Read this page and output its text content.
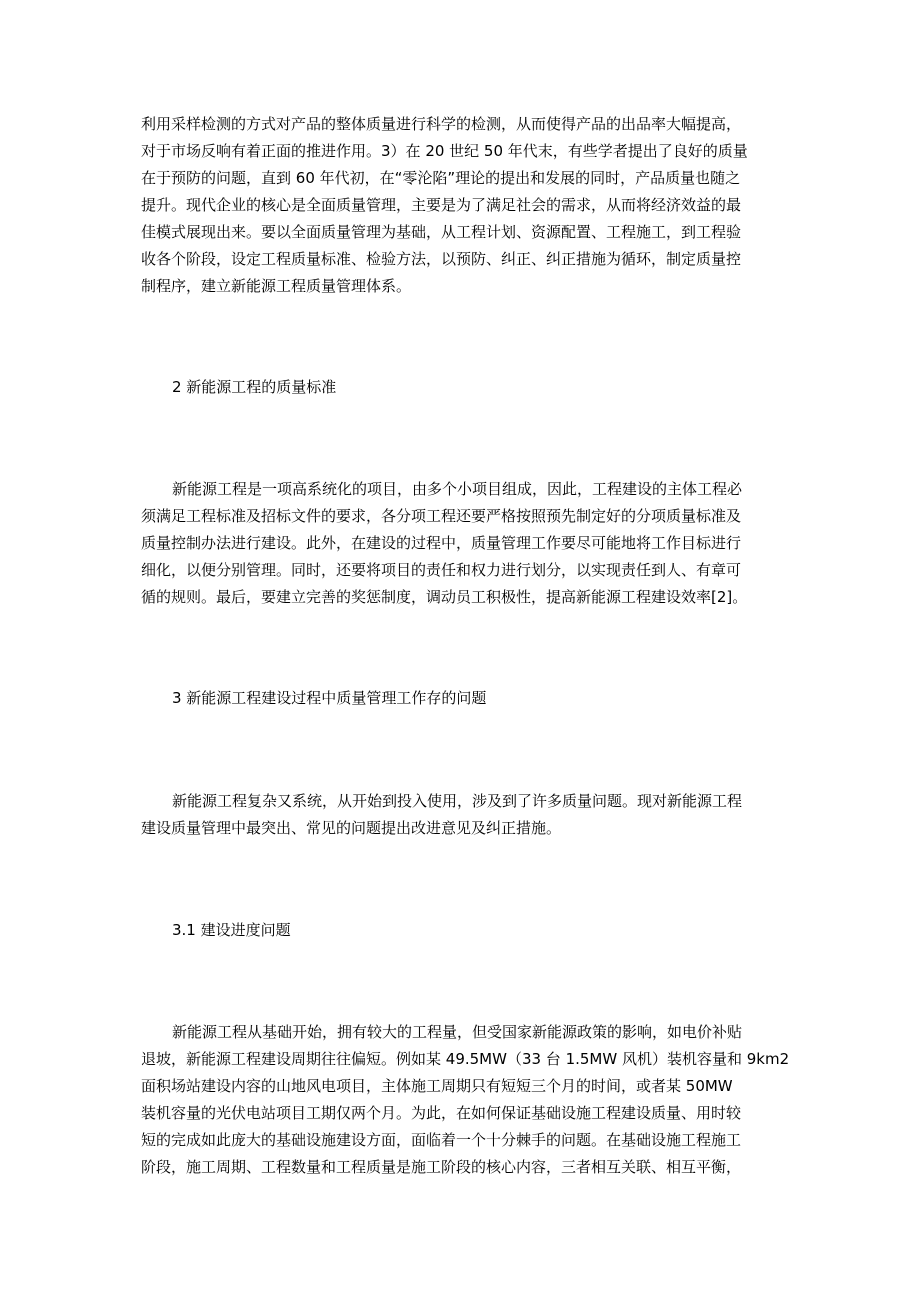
利用采样检测的方式对产品的整体质量进行科学的检测，从而使得产品的出品率大幅提高，
对于市场反响有着正面的推进作用。3）在 20 世纪 50 年代末，有些学者提出了良好的质量
在于预防的问题，直到 60 年代初，在“零沦陷”理论的提出和发展的同时，产品质量也随之
提升。现代企业的核心是全面质量管理，主要是为了满足社会的需求，从而将经济效益的最
佳模式展现出来。要以全面质量管理为基础，从工程计划、资源配置、工程施工，到工程验
收各个阶段，设定工程质量标准、检验方法，以预防、纠正、纠正措施为循环，制定质量控
制程序，建立新能源工程质量管理体系。
2 新能源工程的质量标准
新能源工程是一项高系统化的项目，由多个小项目组成，因此，工程建设的主体工程必
须满足工程标准及招标文件的要求，各分项工程还要严格按照预先制定好的分项质量标准及
质量控制办法进行建设。此外，在建设的过程中，质量管理工作要尽可能地将工作目标进行
细化，以便分别管理。同时，还要将项目的责任和权力进行划分，以实现责任到人、有章可
循的规则。最后，要建立完善的奖惩制度，调动员工积极性，提高新能源工程建设效率[2]。
3 新能源工程建设过程中质量管理工作存的问题
新能源工程复杂又系统，从开始到投入使用，涉及到了许多质量问题。现对新能源工程
建设质量管理中最突出、常见的问题提出改进意见及纠正措施。
3.1 建设进度问题
新能源工程从基础开始，拥有较大的工程量，但受国家新能源政策的影响，如电价补贴
退坡，新能源工程建设周期往往偏短。例如某 49.5MW（33 台 1.5MW 风机）装机容量和 9km2
面积场站建设内容的山地风电项目，主体施工周期只有短短三个月的时间，或者某 50MW
装机容量的光伏电站项目工期仅两个月。为此，在如何保证基础设施工程建设质量、用时较
短的完成如此庞大的基础设施建设方面，面临着一个十分棘手的问题。在基础设施工程施工
阶段，施工周期、工程数量和工程质量是施工阶段的核心内容，三者相互关联、相互平衡，
